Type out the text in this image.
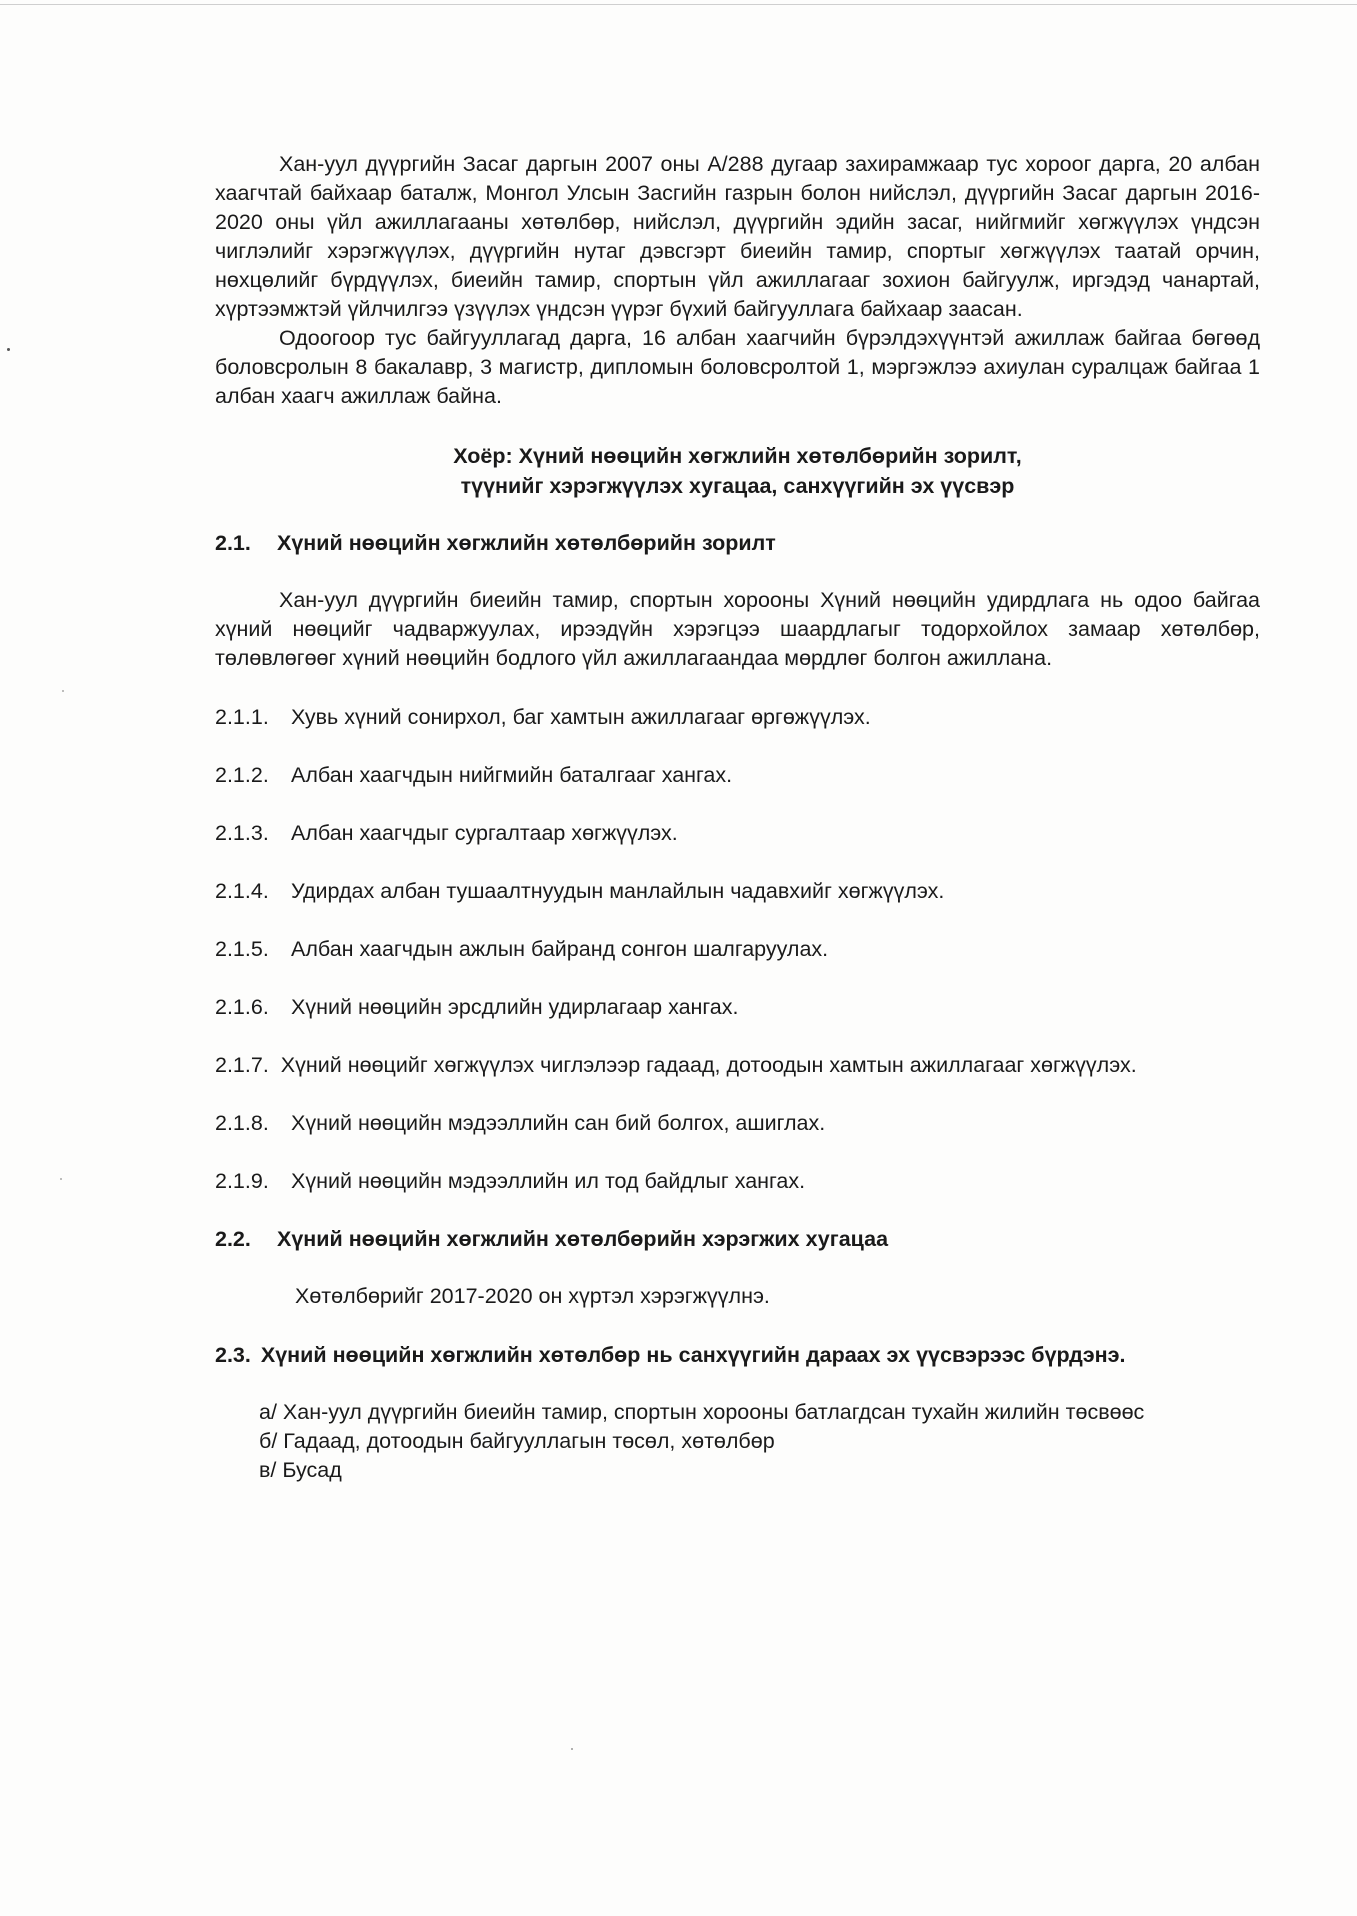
Хан-уул дүүргийн Засаг даргын 2007 оны А/288 дугаар захирамжаар тус хороог дарга, 20 албан хаагчтай байхаар баталж, Монгол Улсын Засгийн газрын болон нийслэл, дүүргийн Засаг даргын 2016-2020 оны үйл ажиллагааны хөтөлбөр, нийслэл, дүүргийн эдийн засаг, нийгмийг хөгжүүлэх үндсэн чиглэлийг хэрэгжүүлэх, дүүргийн нутаг дэвсгэрт биеийн тамир, спортыг хөгжүүлэх таатай орчин, нөхцөлийг бүрдүүлэх, биеийн тамир, спортын үйл ажиллагааг зохион байгуулж, иргэдэд чанартай, хүртээмжтэй үйлчилгээ үзүүлэх үндсэн үүрэг бүхий байгууллага байхаар заасан.

Одоогоор тус байгууллагад дарга, 16 албан хаагчийн бүрэлдэхүүнтэй ажиллаж байгаа бөгөөд боловсролын 8 бакалавр, 3 магистр, дипломын боловсролтой 1, мэргэжлээ ахиулан суралцаж байгаа 1 албан хаагч ажиллаж байна.

Хоёр: Хүний нөөцийн хөгжлийн хөтөлбөрийн зорилт,
түүнийг хэрэгжүүлэх хугацаа, санхүүгийн эх үүсвэр
2.1. Хүний нөөцийн хөгжлийн хөтөлбөрийн зорилт

Хан-уул дүүргийн биеийн тамир, спортын хорооны Хүний нөөцийн удирдлага нь одоо байгаа хүний нөөцийг чадваржуулах, ирээдүйн хэрэгцээ шаардлагыг тодорхойлох замаар хөтөлбөр, төлөвлөгөөг хүний нөөцийн бодлого үйл ажиллагаандаа мөрдлөг болгон ажиллана.

2.1.1. Хувь хүний сонирхол, баг хамтын ажиллагааг өргөжүүлэх.
2.1.2. Албан хаагчдын нийгмийн баталгааг хангах.
2.1.3. Албан хаагчдыг сургалтаар хөгжүүлэх.
2.1.4. Удирдах албан тушаалтнуудын манлайлын чадавхийг хөгжүүлэх.
2.1.5. Албан хаагчдын ажлын байранд сонгон шалгаруулах.
2.1.6. Хүний нөөцийн эрсдлийн удирлагаар хангах.
2.1.7. Хүний нөөцийг хөгжүүлэх чиглэлээр гадаад, дотоодын хамтын ажиллагааг хөгжүүлэх.
2.1.8. Хүний нөөцийн мэдээллийн сан бий болгох, ашиглах.
2.1.9. Хүний нөөцийн мэдээллийн ил тод байдлыг хангах.
2.2. Хүний нөөцийн хөгжлийн хөтөлбөрийн хэрэгжих хугацаа

Хөтөлбөрийг 2017-2020 он хүртэл хэрэгжүүлнэ.

2.3. Хүний нөөцийн хөгжлийн хөтөлбөр нь санхүүгийн дараах эх үүсвэрээс бүрдэнэ.
а/ Хан-уул дүүргийн биеийн тамир, спортын хорооны батлагдсан тухайн жилийн төсвөөс
б/ Гадаад, дотоодын байгууллагын төсөл, хөтөлбөр
в/ Бусад
